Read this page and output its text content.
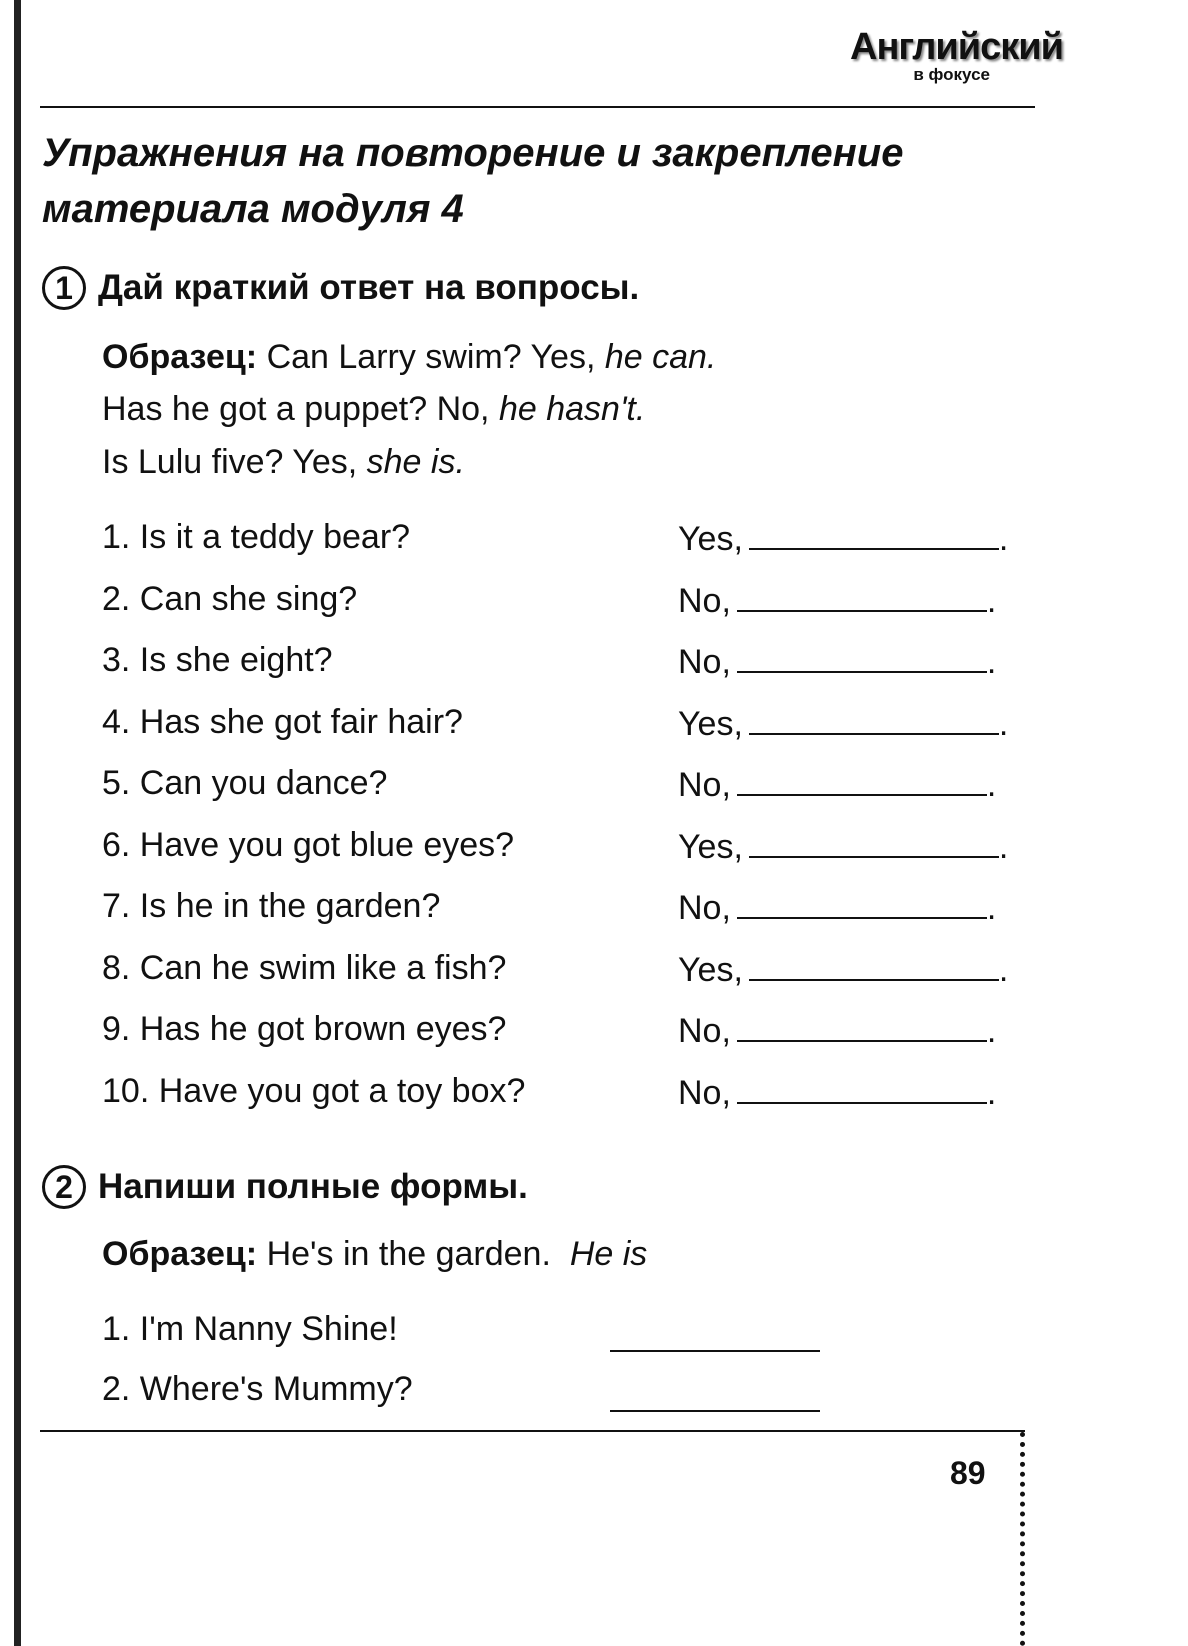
Английский
в фокусе
Упражнения на повторение и закрепление материала модуля 4
1 Дай краткий ответ на вопросы.
Образец: Can Larry swim? Yes, he can.
Has he got a puppet? No, he hasn't.
Is Lulu five? Yes, she is.
1. Is it a teddy bear?	Yes,	.
2. Can she sing?	No,	.
3. Is she eight?	No,	.
4. Has she got fair hair?	Yes,	.
5. Can you dance?	No,	.
6. Have you got blue eyes?	Yes,	.
7. Is he in the garden?	No,	.
8. Can he swim like a fish?	Yes,	.
9. Has he got brown eyes?	No,	.
10. Have you got a toy box?	No,	.
2 Напиши полные формы.
Образец: He's in the garden. He is
1. I'm Nanny Shine!
2. Where's Mummy?
89
